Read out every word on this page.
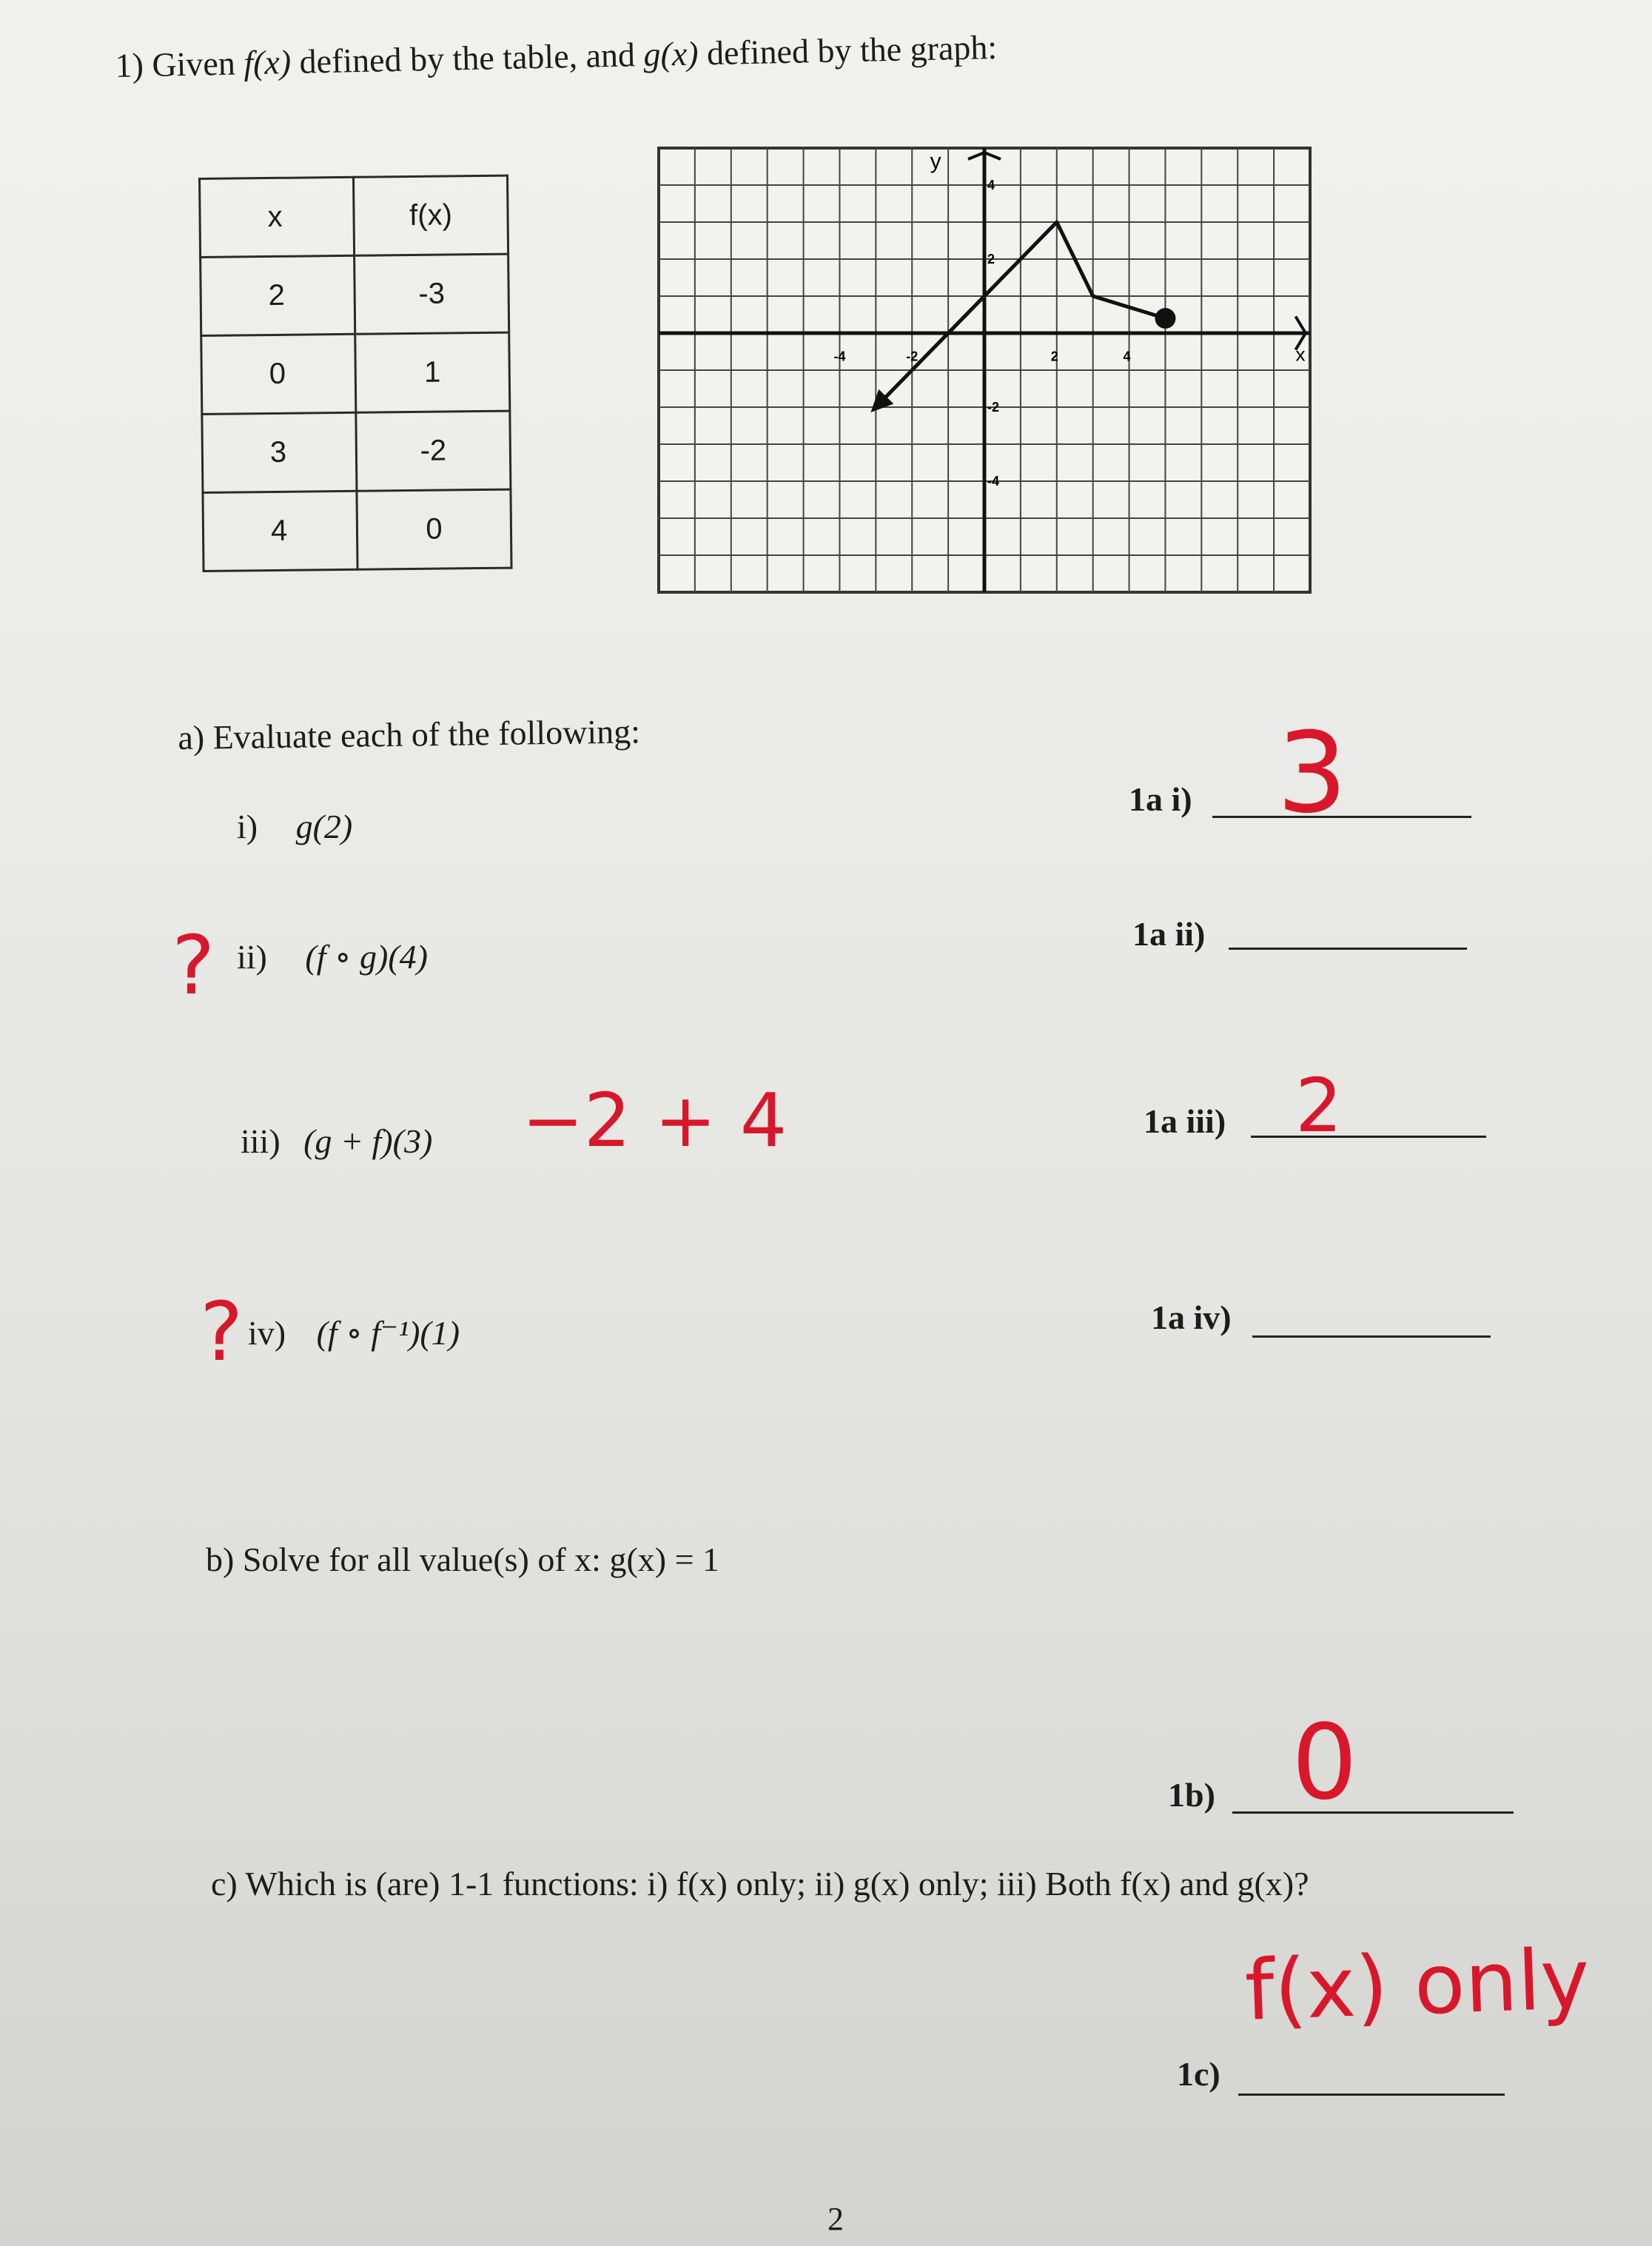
1) Given f(x) defined by the table, and g(x) defined by the graph:
x	f(x)
2	-3
0	1
3	-2
4	0
x
y
-4	-2	2	4
4
2
-2
-4
a) Evaluate each of the following:
i) g(2)
1a i) 3
? ii) (f ∘ g)(4)
1a ii)
iii) (g + f)(3) −2 + 4	1a iii) 2
? iv) (f ∘ f⁻¹)(1)	1a iv)
b) Solve for all value(s) of x: g(x) = 1
1b) 0
c) Which is (are) 1-1 functions: i) f(x) only; ii) g(x) only; iii) Both f(x) and g(x)?
f(x) only
1c)
2
